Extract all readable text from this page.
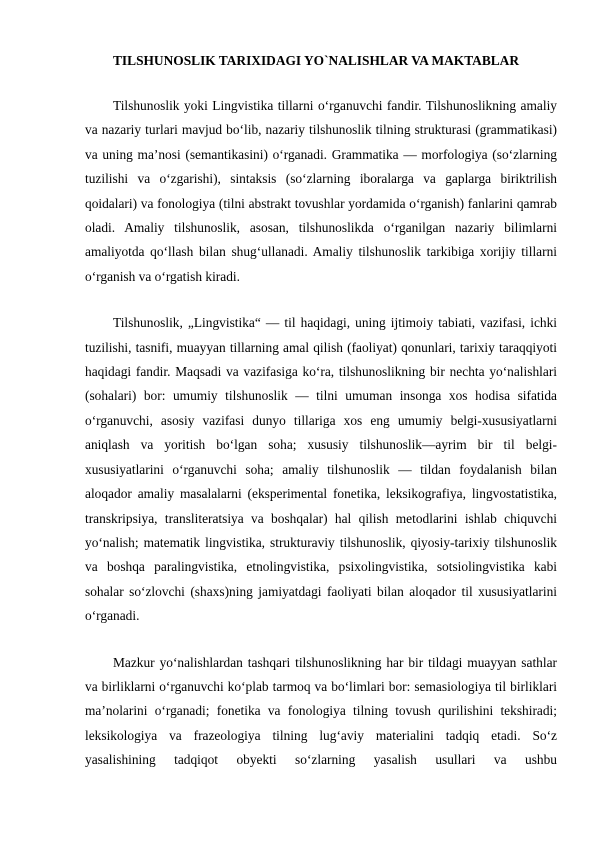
TILSHUNOSLIK TARIXIDAGI YO`NALISHLAR VA MAKTABLAR

Tilshunoslik yoki Lingvistika tillarni o‘rganuvchi fandir. Tilshunoslikning amaliy va nazariy turlari mavjud bo‘lib, nazariy tilshunoslik tilning strukturasi (grammatikasi) va uning ma’nosi (semantikasini) o‘rganadi. Grammatika — morfologiya (so‘zlarning tuzilishi va o‘zgarishi), sintaksis (so‘zlarning iboralarga va gaplarga biriktrilish qoidalari) va fonologiya (tilni abstrakt tovushlar yordamida o‘rganish) fanlarini qamrab oladi. Amaliy tilshunoslik, asosan, tilshunoslikda o‘rganilgan nazariy bilimlarni amaliyotda qo‘llash bilan shug‘ullanadi. Amaliy tilshunoslik tarkibiga xorijiy tillarni o‘rganish va o‘rgatish kiradi.

Tilshunoslik, „Lingvistika“ — til haqidagi, uning ijtimoiy tabiati, vazifasi, ichki tuzilishi, tasnifi, muayyan tillarning amal qilish (faoliyat) qonunlari, tarixiy taraqqiyoti haqidagi fandir. Maqsadi va vazifasiga ko‘ra, tilshunoslikning bir nechta yo‘nalishlari (sohalari) bor: umumiy tilshunoslik — tilni umuman insonga xos hodisa sifatida o‘rganuvchi, asosiy vazifasi dunyo tillariga xos eng umumiy belgi-xususiyatlarni aniqlash va yoritish bo‘lgan soha; xususiy tilshunoslik—ayrim bir til belgi-xususiyatlarini o‘rganuvchi soha; amaliy tilshunoslik — tildan foydalanish bilan aloqador amaliy masalalarni (eksperimental fonetika, leksikografiya, lingvostatistika, transkripsiya, transliteratsiya va boshqalar) hal qilish metodlarini ishlab chiquvchi yo‘nalish; matematik lingvistika, strukturaviy tilshunoslik, qiyosiy-tarixiy tilshunoslik va boshqa paralingvistika, etnolingvistika, psixolingvistika, sotsiolingvistika kabi sohalar so‘zlovchi (shaxs)ning jamiyatdagi faoliyati bilan aloqador til xususiyatlarini o‘rganadi.

Mazkur yo‘nalishlardan tashqari tilshunoslikning har bir tildagi muayyan sathlar va birliklarni o‘rganuvchi ko‘plab tarmoq va bo‘limlari bor: semasiologiya til birliklari ma’nolarini o‘rganadi; fonetika va fonologiya tilning tovush qurilishini tekshiradi; leksikologiya va frazeologiya tilning lug‘aviy materialini tadqiq etadi. So‘z yasalishining tadqiqot obyekti so‘zlarning yasalish usullari va ushbu
